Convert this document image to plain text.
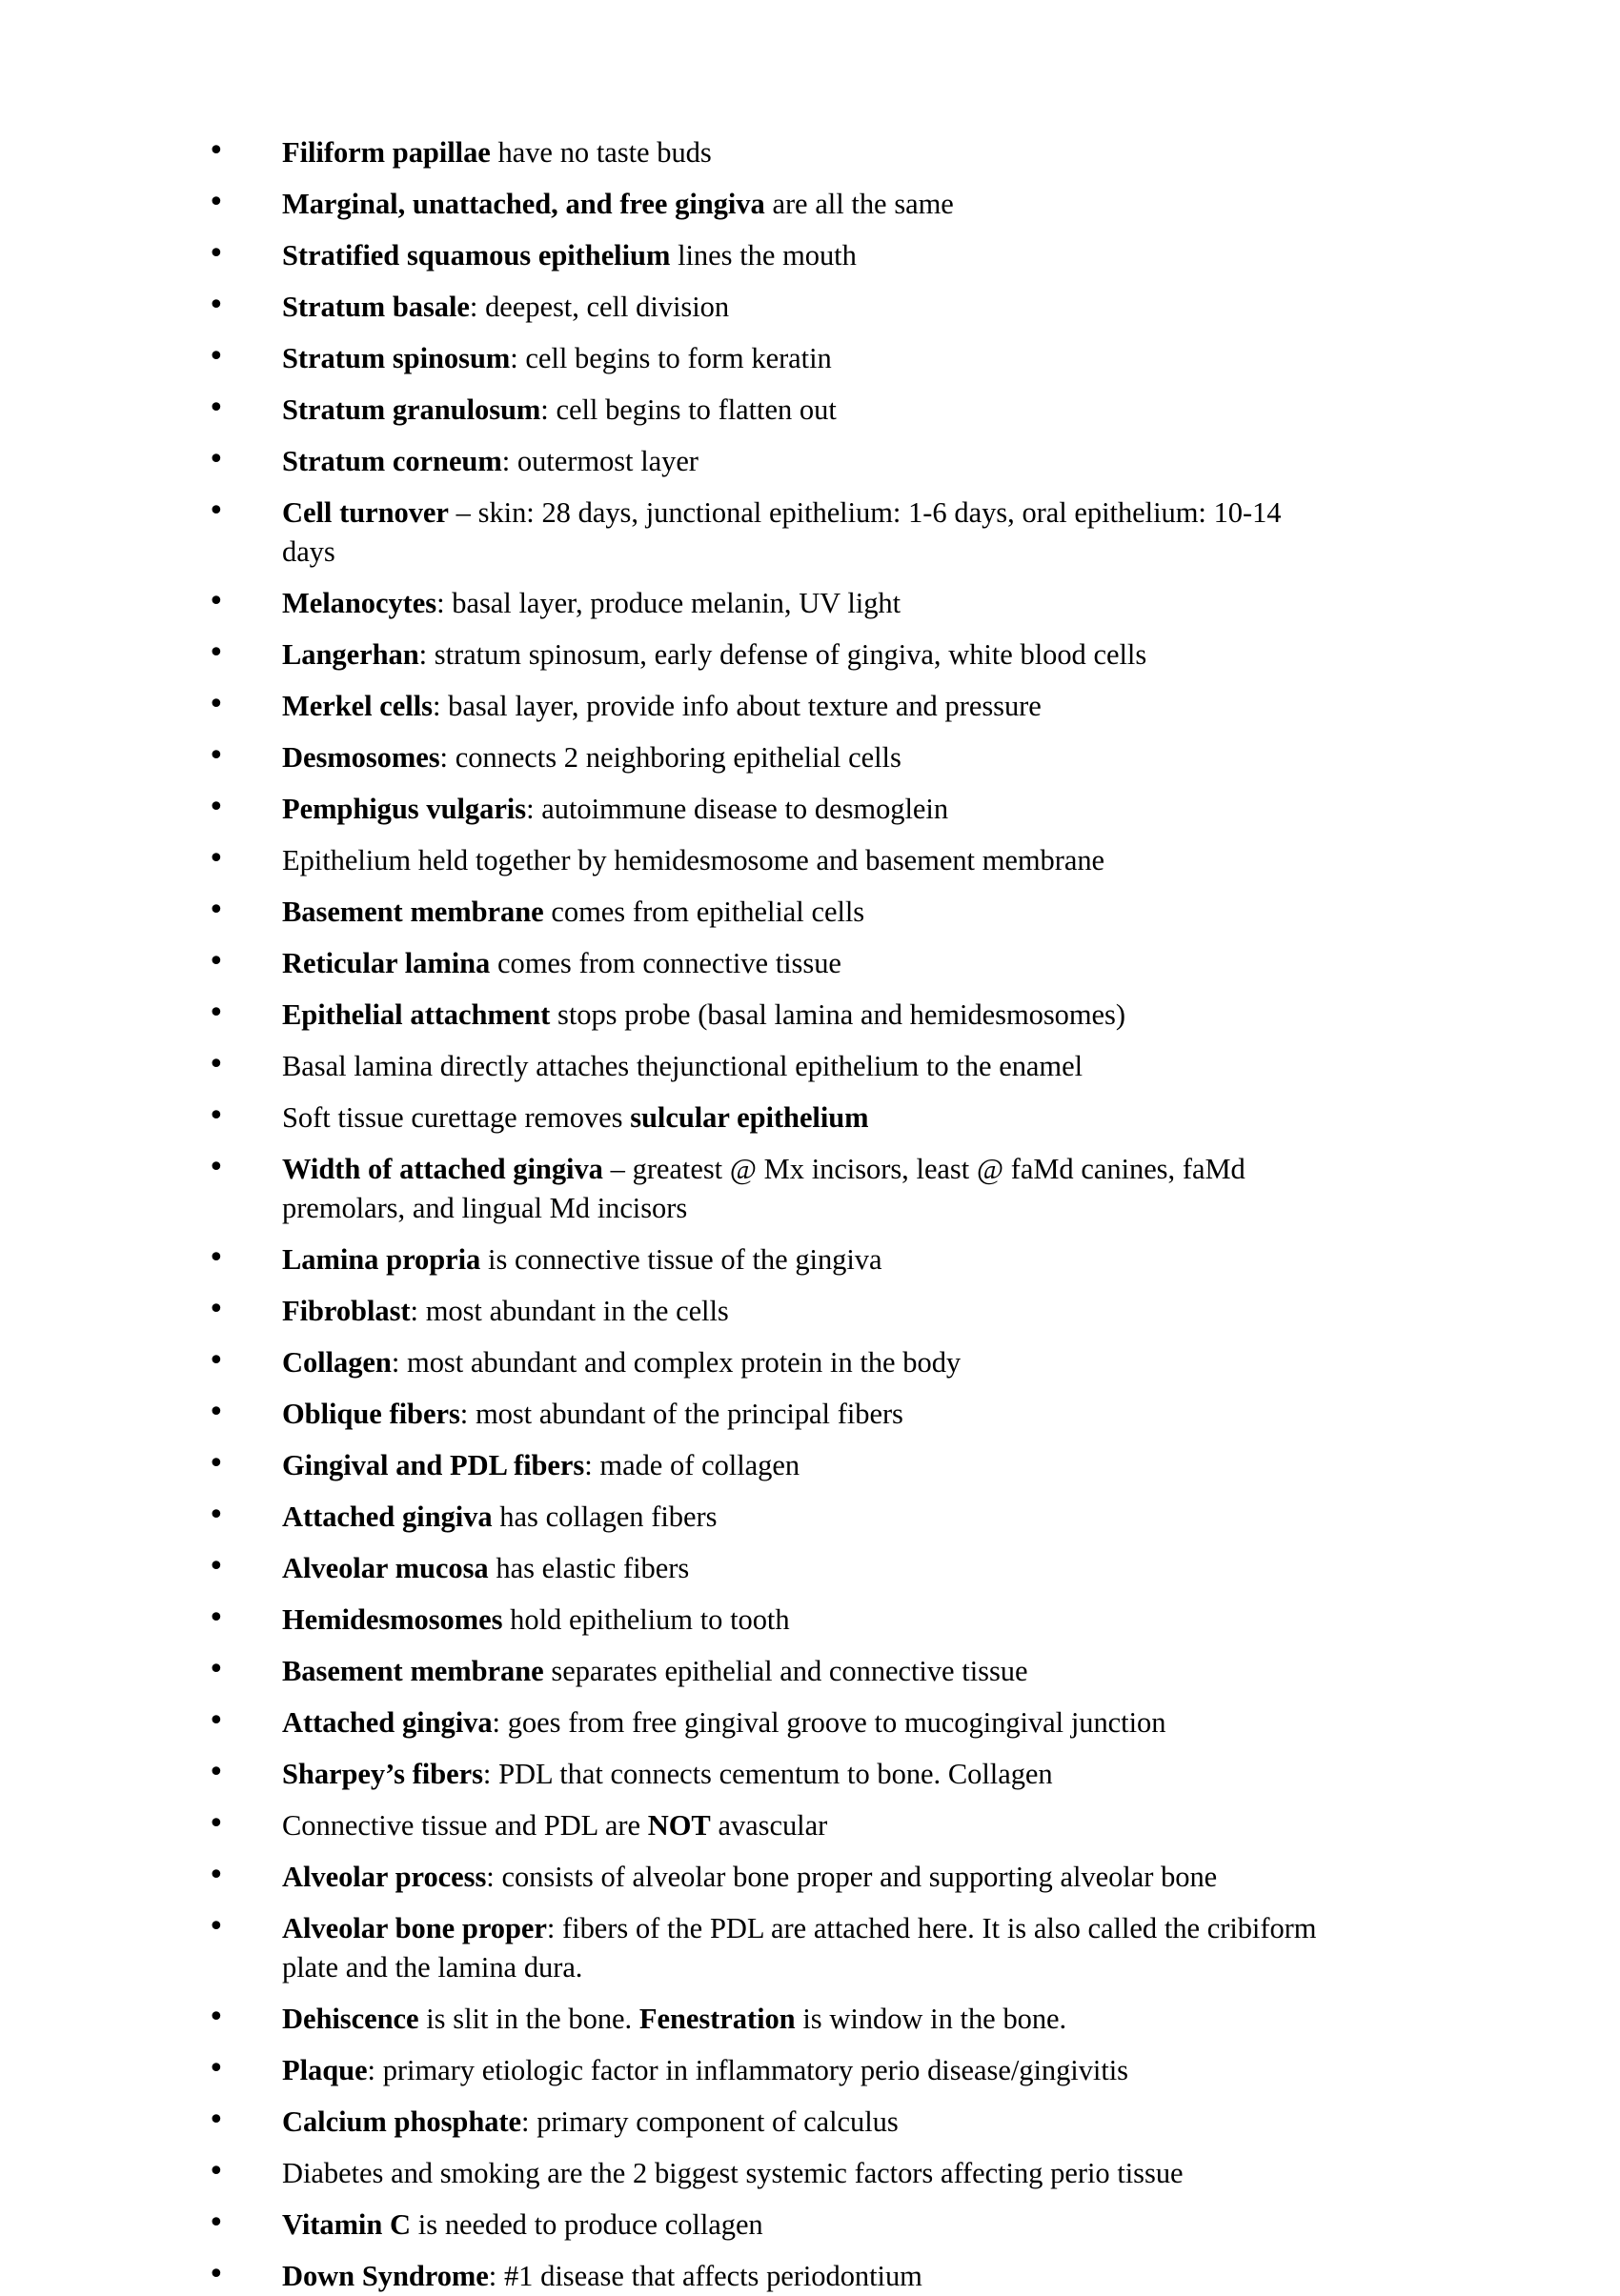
• Filiform papillae have no taste buds
• Marginal, unattached, and free gingiva are all the same
• Stratified squamous epithelium lines the mouth
• Stratum basale: deepest, cell division
• Stratum spinosum: cell begins to form keratin
• Stratum granulosum: cell begins to flatten out
• Stratum corneum: outermost layer
• Cell turnover – skin: 28 days, junctional epithelium: 1-6 days, oral epithelium: 10-14 days
• Melanocytes: basal layer, produce melanin, UV light
• Langerhan: stratum spinosum, early defense of gingiva, white blood cells
• Merkel cells: basal layer, provide info about texture and pressure
• Desmosomes: connects 2 neighboring epithelial cells
• Pemphigus vulgaris: autoimmune disease to desmoglein
• Epithelium held together by hemidesmosome and basement membrane
• Basement membrane comes from epithelial cells
• Reticular lamina comes from connective tissue
• Epithelial attachment stops probe (basal lamina and hemidesmosomes)
• Basal lamina directly attaches thejunctional epithelium to the enamel
• Soft tissue curettage removes sulcular epithelium
• Width of attached gingiva – greatest @ Mx incisors, least @ faMd canines, faMd premolars, and lingual Md incisors
• Lamina propria is connective tissue of the gingiva
• Fibroblast: most abundant in the cells
• Collagen: most abundant and complex protein in the body
• Oblique fibers: most abundant of the principal fibers
• Gingival and PDL fibers: made of collagen
• Attached gingiva has collagen fibers
• Alveolar mucosa has elastic fibers
• Hemidesmosomes hold epithelium to tooth
• Basement membrane separates epithelial and connective tissue
• Attached gingiva: goes from free gingival groove to mucogingival junction
• Sharpey’s fibers: PDL that connects cementum to bone. Collagen
• Connective tissue and PDL are NOT avascular
• Alveolar process: consists of alveolar bone proper and supporting alveolar bone
• Alveolar bone proper: fibers of the PDL are attached here. It is also called the cribiform plate and the lamina dura.
• Dehiscence is slit in the bone. Fenestration is window in the bone.
• Plaque: primary etiologic factor in inflammatory perio disease/gingivitis
• Calcium phosphate: primary component of calculus
• Diabetes and smoking are the 2 biggest systemic factors affecting perio tissue
• Vitamin C is needed to produce collagen
• Down Syndrome: #1 disease that affects periodontium
